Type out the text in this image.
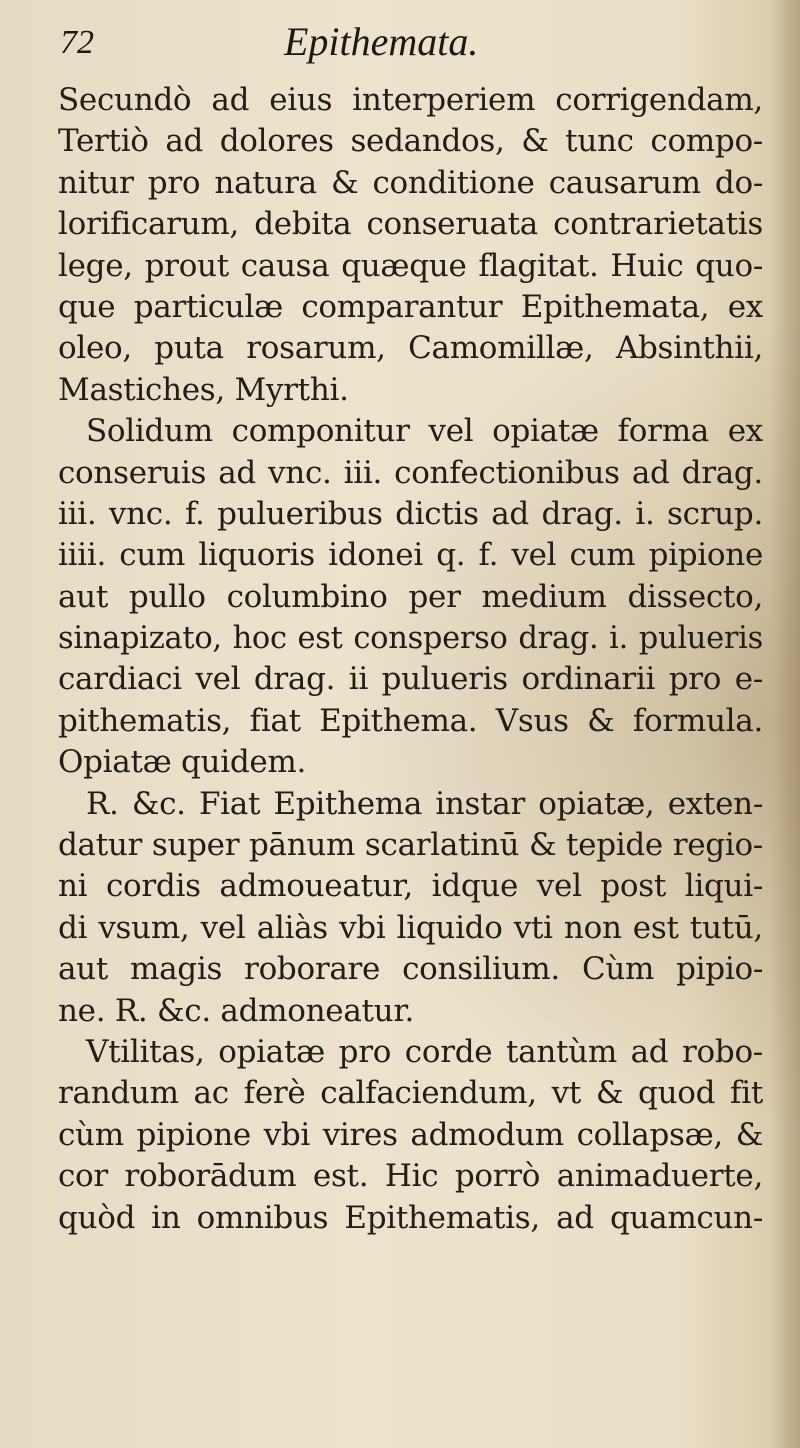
72	Epithemata.
Secundò ad eius interperiem corrigendam,
Tertiò ad dolores sedandos, & tunc compo-
nitur pro natura & conditione causarum do-
lorificarum, debita conseruata contrarietatis
lege, prout causa quæque flagitat. Huic quo-
que particulæ comparantur Epithemata, ex
oleo, puta rosarum, Camomillæ, Absinthii,
Mastiches, Myrthi.
Solidum componitur vel opiatæ forma ex
conseruis ad vnc. iii. confectionibus ad drag.
iii. vnc. f. pulueribus dictis ad drag. i. scrup.
iiii. cum liquoris idonei q. f. vel cum pipione
aut pullo columbino per medium dissecto,
sinapizato, hoc est consperso drag. i. pulueris
cardiaci vel drag. ii pulueris ordinarii pro e-
pithematis, fiat Epithema. Vsus & formula.
Opiatæ quidem.
R. &c. Fiat Epithema instar opiatæ, exten-
datur super pānum scarlatinū & tepide regio-
ni cordis admoueatur, idque vel post liqui-
di vsum, vel aliàs vbi liquido vti non est tutū,
aut magis roborare consilium. Cùm pipio-
ne. R. &c. admoneatur.
Vtilitas, opiatæ pro corde tantùm ad robo-
randum ac ferè calfaciendum, vt & quod fit
cùm pipione vbi vires admodum collapsæ, &
cor roborādum est. Hic porrò animaduerte,
quòd in omnibus Epithematis, ad quamcun-
